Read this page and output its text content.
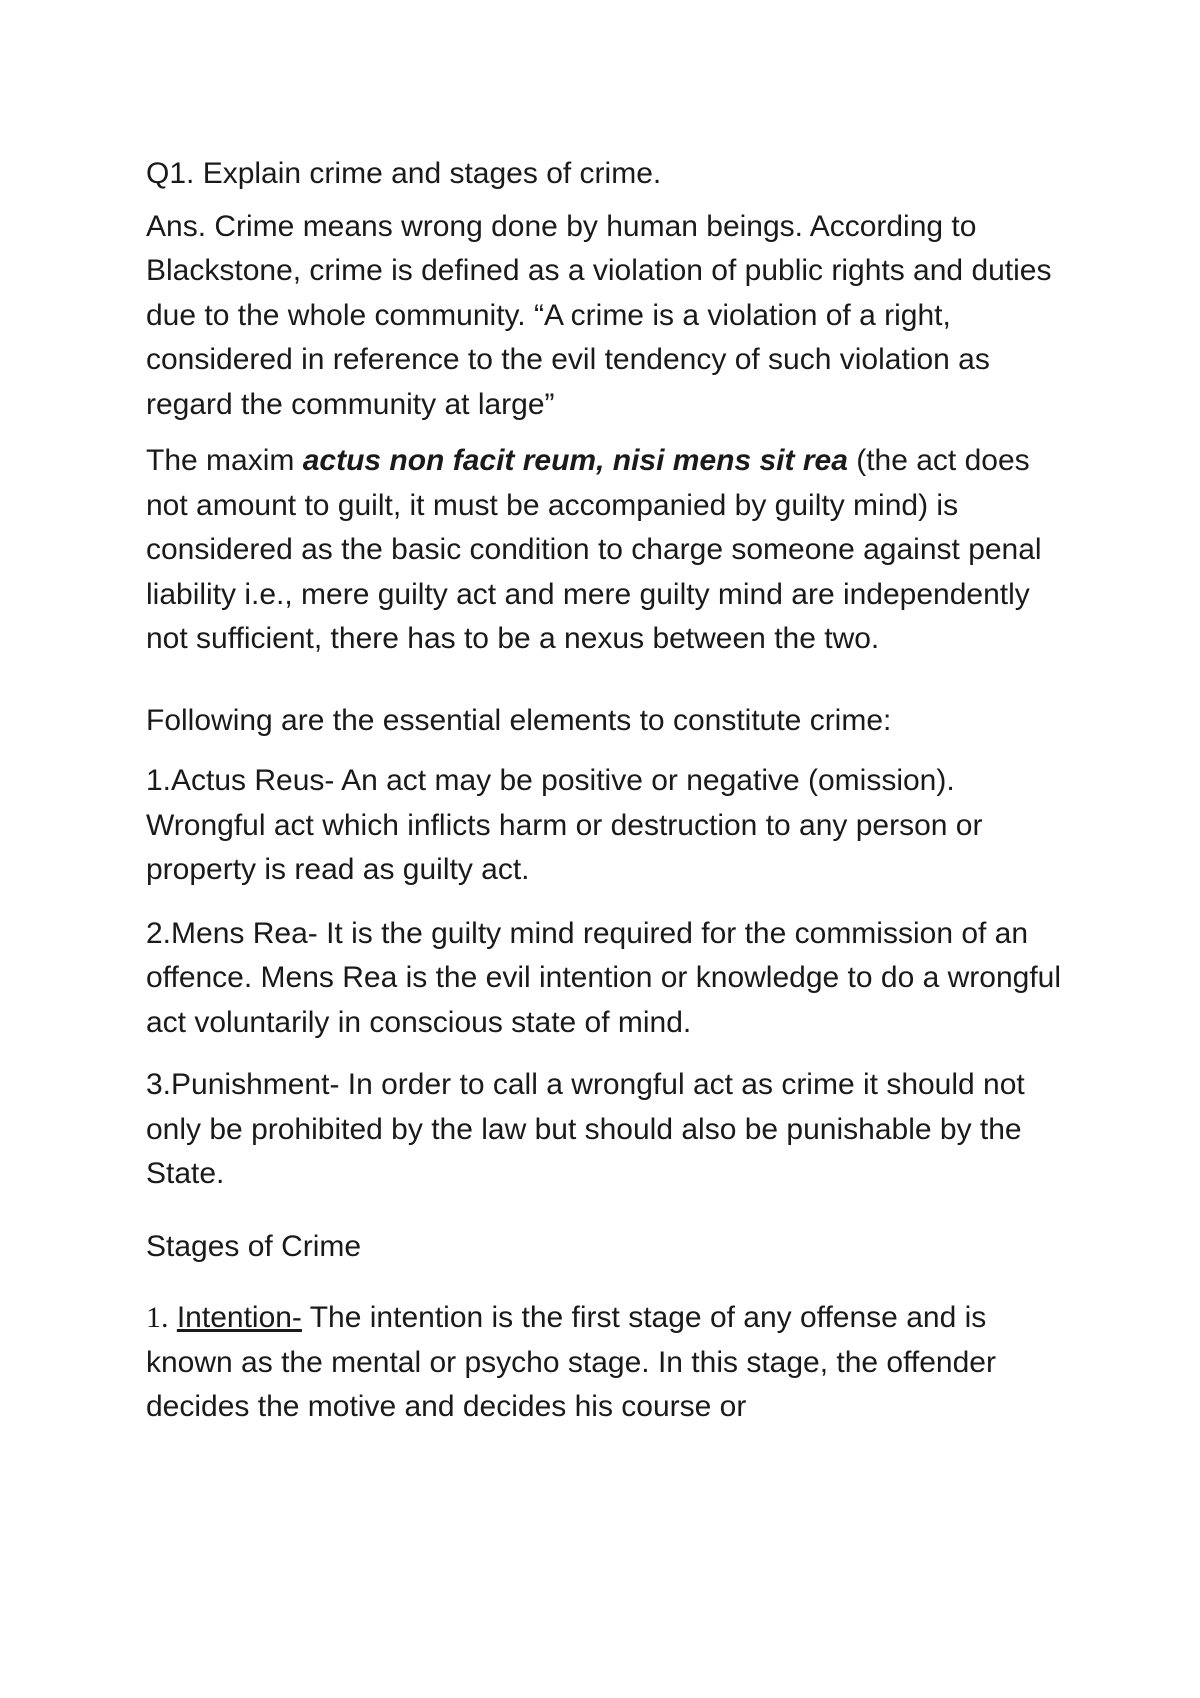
Q1. Explain crime and stages of crime.

Ans. Crime means wrong done by human beings. According to Blackstone, crime is defined as a violation of public rights and duties due to the whole community. “A crime is a violation of a right, considered in reference to the evil tendency of such violation as regard the community at large”

The maxim actus non facit reum, nisi mens sit rea (the act does not amount to guilt, it must be accompanied by guilty mind) is considered as the basic condition to charge someone against penal liability i.e., mere guilty act and mere guilty mind are independently not sufficient, there has to be a nexus between the two.

Following are the essential elements to constitute crime:

1.Actus Reus- An act may be positive or negative (omission). Wrongful act which inflicts harm or destruction to any person or property is read as guilty act.

2.Mens Rea- It is the guilty mind required for the commission of an offence. Mens Rea is the evil intention or knowledge to do a wrongful act voluntarily in conscious state of mind.

3.Punishment- In order to call a wrongful act as crime it should not only be prohibited by the law but should also be punishable by the State.

Stages of Crime

1. Intention- The intention is the first stage of any offense and is known as the mental or psycho stage. In this stage, the offender decides the motive and decides his course or
